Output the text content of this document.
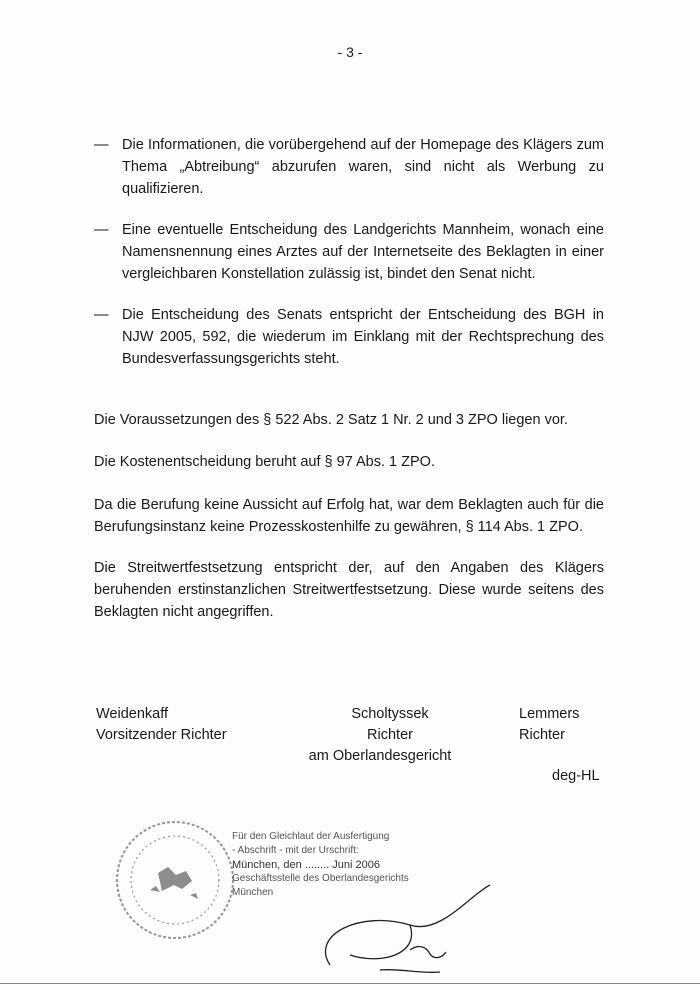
- 3 -
— Die Informationen, die vorübergehend auf der Homepage des Klägers zum Thema „Abtreibung“ abzurufen waren, sind nicht als Werbung zu qualifizieren.
— Eine eventuelle Entscheidung des Landgerichts Mannheim, wonach eine Namensnennung eines Arztes auf der Internetseite des Beklagten in einer vergleichbaren Konstellation zulässig ist, bindet den Senat nicht.
— Die Entscheidung des Senats entspricht der Entscheidung des BGH in NJW 2005, 592, die wiederum im Einklang mit der Rechtsprechung des Bundesverfassungsgerichts steht.
Die Voraussetzungen des § 522 Abs. 2 Satz 1 Nr. 2 und 3 ZPO liegen vor.
Die Kostenentscheidung beruht auf § 97 Abs. 1 ZPO.
Da die Berufung keine Aussicht auf Erfolg hat, war dem Beklagten auch für die Berufungsinstanz keine Prozesskostenhilfe zu gewähren, § 114 Abs. 1 ZPO.
Die Streitwertfestsetzung entspricht der, auf den Angaben des Klägers beruhenden erstinstanzlichen Streitwertfestsetzung. Diese wurde seitens des Beklagten nicht angegriffen.
Weidenkaff
Vorsitzender Richter
Scholtyssek
Richter
am Oberlandesgericht
Lemmers
Richter
deg-HL
Für den Gleichlaut der Ausfertigung
- Abschrift - mit der Urschrift:
München, den ........ Juni 2006
Geschäftsstelle des Oberlandesgerichts
München
